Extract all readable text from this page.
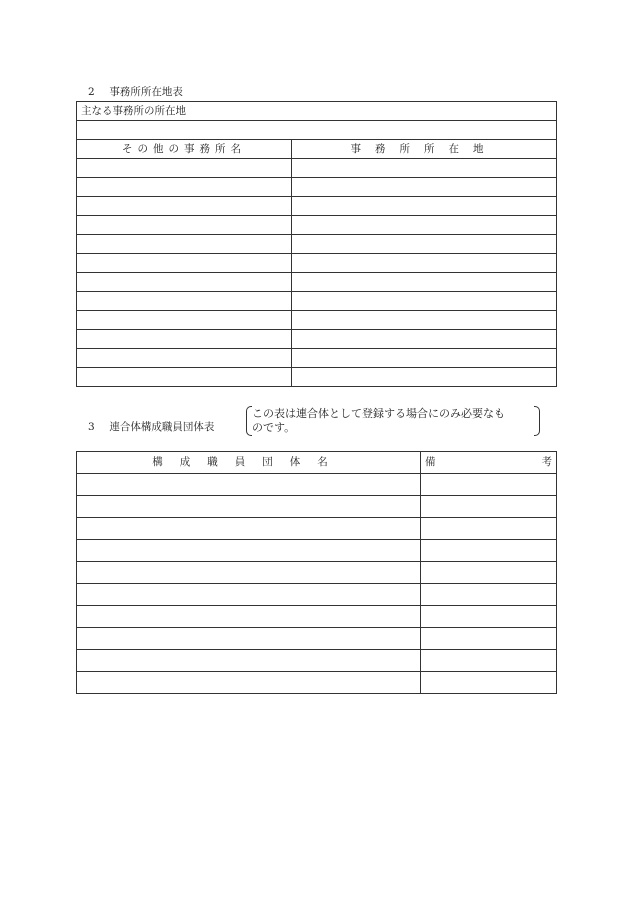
2 事務所所在地表
主なる事務所の所在地	

その他の事務所名	事務所所在地

3 連合体構成職員団体表
この表は連合体として登録する場合にのみ必要なも
のです。
構成職員団体名	備 考
